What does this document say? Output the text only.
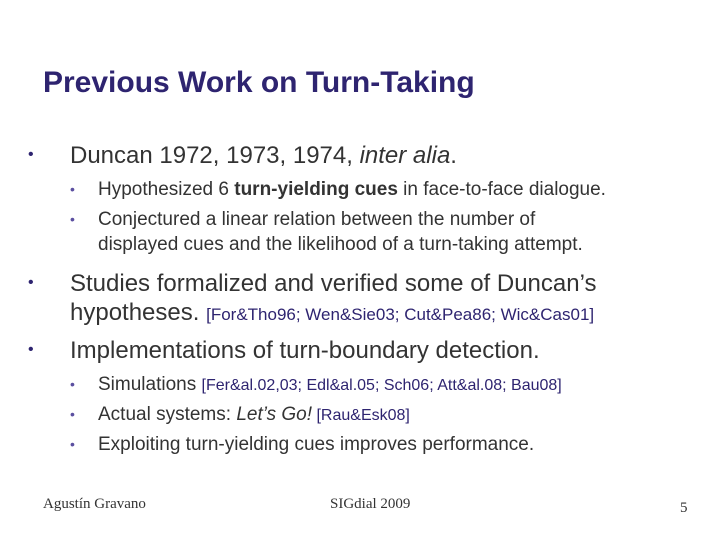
Previous Work on Turn-Taking
• Duncan 1972, 1973, 1974, inter alia.
• Hypothesized 6 turn-yielding cues in face-to-face dialogue.
• Conjectured a linear relation between the number of
displayed cues and the likelihood of a turn-taking attempt.
• Studies formalized and verified some of Duncan’s
hypotheses. [For&Tho96; Wen&Sie03; Cut&Pea86; Wic&Cas01]
• Implementations of turn-boundary detection.
• Simulations [Fer&al.02,03; Edl&al.05; Sch06; Att&al.08; Bau08]
• Actual systems: Let’s Go! [Rau&Esk08]
• Exploiting turn-yielding cues improves performance.
Agustín Gravano	SIGdial 2009	5
